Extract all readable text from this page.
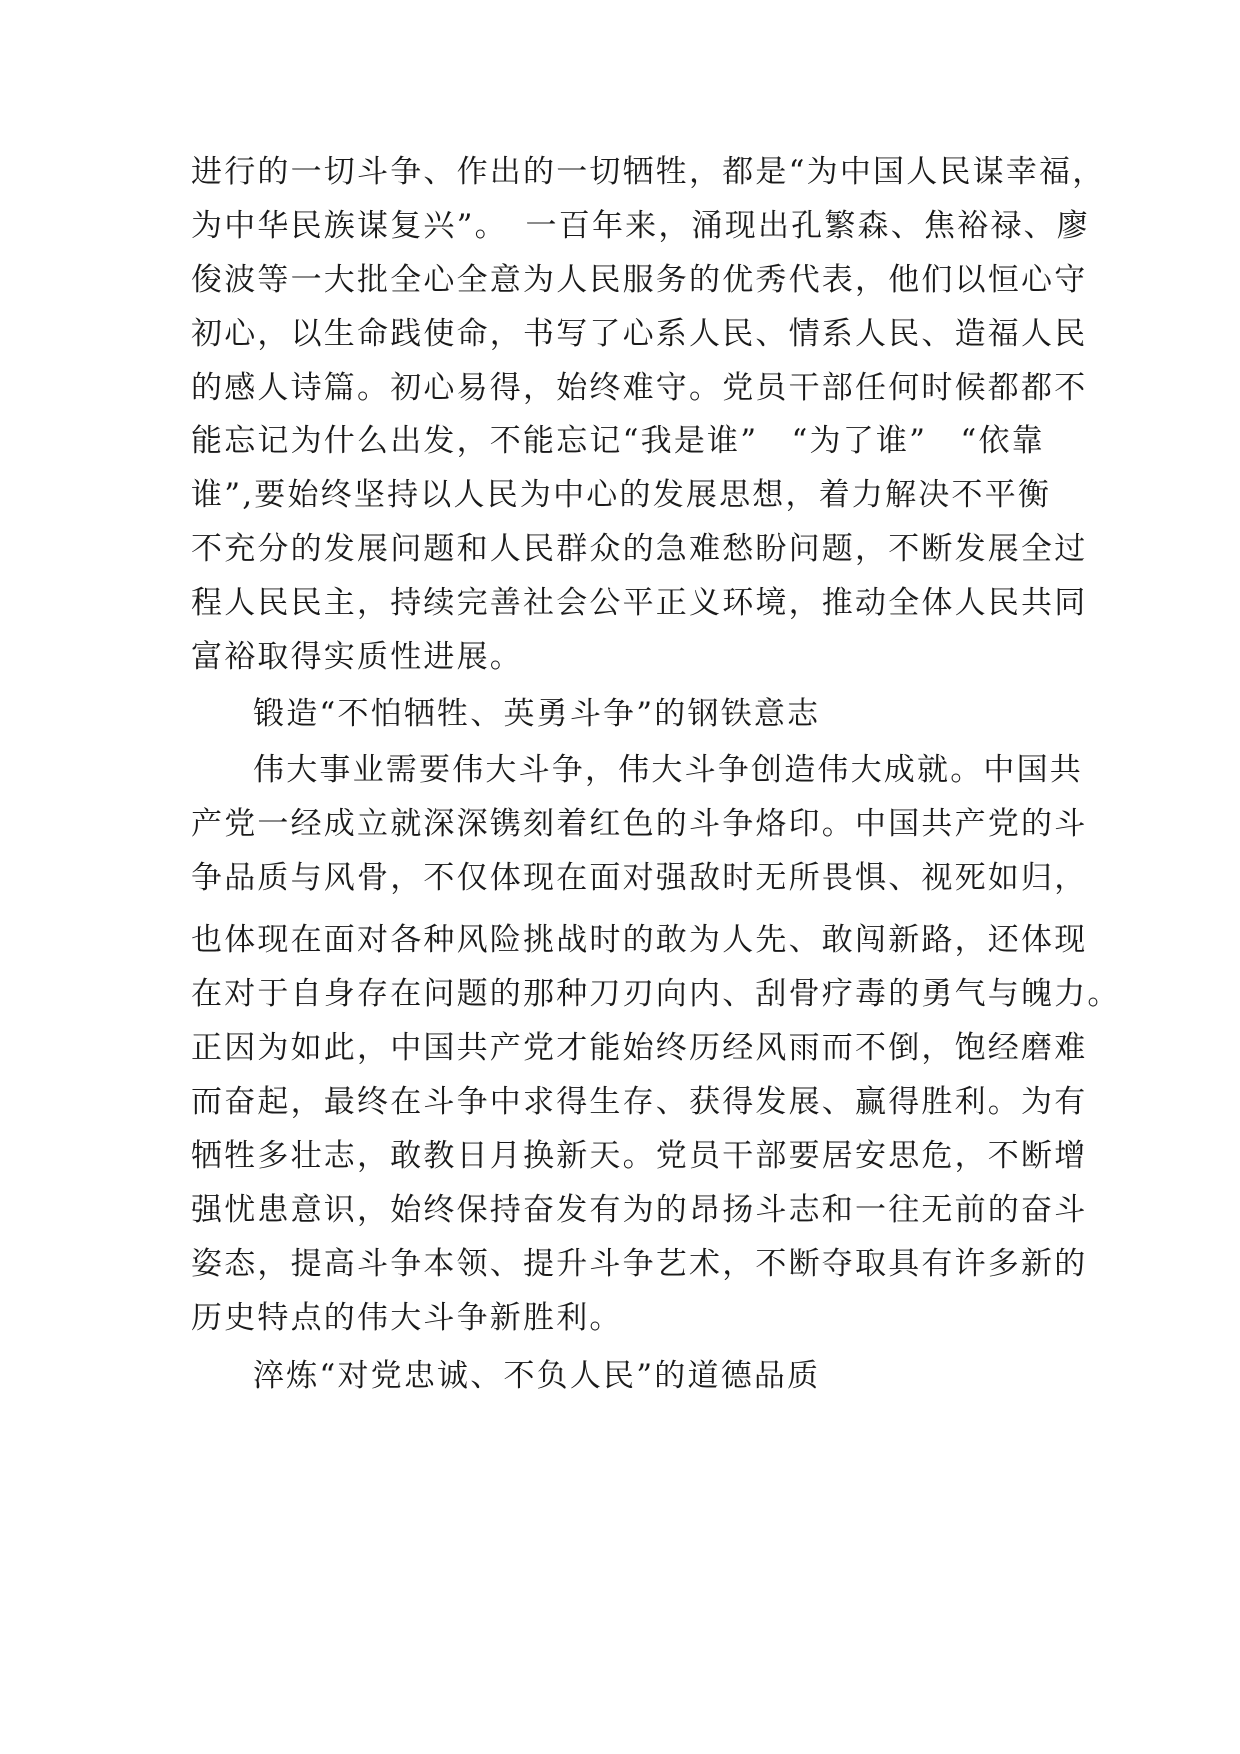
进行的一切斗争、作出的一切牺牲，都是“为中国人民谋幸福，
为中华民族谋复兴”。　一百年来，涌现出孔繁森、焦裕禄、廖
俊波等一大批全心全意为人民服务的优秀代表，他们以恒心守
初心，以生命践使命，书写了心系人民、情系人民、造福人民
的感人诗篇。初心易得，始终难守。党员干部任何时候都都不
能忘记为什么出发，不能忘记“我是谁”　“为了谁”　“依靠
谁”,要始终坚持以人民为中心的发展思想，着力解决不平衡
不充分的发展问题和人民群众的急难愁盼问题，不断发展全过
程人民民主，持续完善社会公平正义环境，推动全体人民共同
富裕取得实质性进展。
锻造“不怕牺牲、英勇斗争”的钢铁意志
伟大事业需要伟大斗争，伟大斗争创造伟大成就。中国共
产党一经成立就深深镌刻着红色的斗争烙印。中国共产党的斗
争品质与风骨，不仅体现在面对强敌时无所畏惧、视死如归，
也体现在面对各种风险挑战时的敢为人先、敢闯新路，还体现
在对于自身存在问题的那种刀刃向内、刮骨疗毒的勇气与魄力。
正因为如此，中国共产党才能始终历经风雨而不倒，饱经磨难
而奋起，最终在斗争中求得生存、获得发展、赢得胜利。为有
牺牲多壮志，敢教日月换新天。党员干部要居安思危，不断增
强忧患意识，始终保持奋发有为的昂扬斗志和一往无前的奋斗
姿态，提高斗争本领、提升斗争艺术，不断夺取具有许多新的
历史特点的伟大斗争新胜利。
淬炼“对党忠诚、不负人民”的道德品质
